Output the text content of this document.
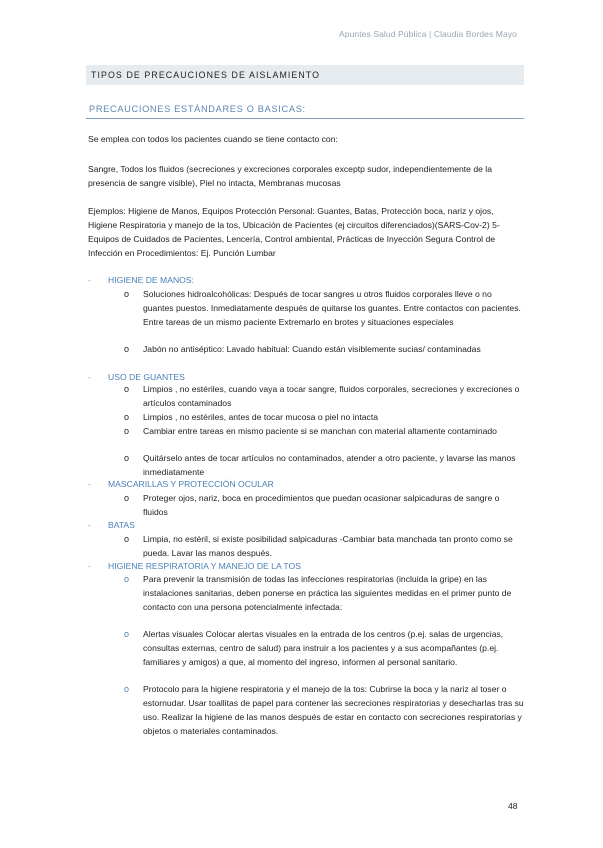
Apuntes Salud Pública | Claudia Bordes Mayo
TIPOS DE PRECAUCIONES DE AISLAMIENTO
PRECAUCIONES ESTÁNDARES O BASICAS:
Se emplea con todos los pacientes cuando se tiene contacto con:
Sangre, Todos los fluidos (secreciones y excreciones corporales exceptp sudor, independientemente de la presencia de sangre visible), Piel no intacta, Membranas mucosas
Ejemplos: Higiene de Manos, Equipos Protección Personal: Guantes, Batas, Protección boca, nariz y ojos, Higiene Respiratoria y manejo de la tos, Ubicación de Pacientes (ej circuitos diferenciados)(SARS-Cov-2) 5- Equipos de Cuidados de Pacientes, Lencería, Control ambiental, Prácticas de Inyección Segura Control de Infección en Procedimientos: Ej. Punción Lumbar
- HIGIENE DE MANOS:
o	Soluciones hidroalcohólicas: Después de tocar sangres u otros fluidos corporales lleve o no guantes puestos. Inmediatamente después de quitarse los guantes. Entre contactos con pacientes. Entre tareas de un mismo paciente Extremarlo en brotes y situaciones especiales
o	Jabón no antiséptico: Lavado habitual: Cuando están visiblemente sucias/ contaminadas
- USO DE GUANTES
o	Limpios , no estériles, cuando vaya a tocar sangre, fluidos corporales, secreciones y excreciones o artículos contaminados
o	Limpios , no estériles, antes de tocar mucosa o piel no intacta
o	Cambiar entre tareas en mismo paciente si se manchan con material altamente contaminado
o	Quitárselo antes de tocar artículos no contaminados, atender a otro paciente, y lavarse las manos inmediatamente
- MASCARILLAS Y PROTECCIÓN OCULAR
o	Proteger ojos, nariz, boca en procedimientos que puedan ocasionar salpicaduras de sangre o fluidos
- BATAS
o	Limpia, no estéril, si existe posibilidad salpicaduras -Cambiar bata manchada tan pronto como se pueda. Lavar las manos después.
- HIGIENE RESPIRATORIA Y MANEJO DE LA TOS
o	Para prevenir la transmisión de todas las infecciones respiratorias (incluida la gripe) en las instalaciones sanitarias, deben ponerse en práctica las siguientes medidas en el primer punto de contacto con una persona potencialmente infectada:
o	Alertas visuales Colocar alertas visuales en la entrada de los centros (p.ej. salas de urgencias, consultas externas, centro de salud) para instruir a los pacientes y a sus acompañantes (p.ej. familiares y amigos) a que, al momento del ingreso, informen al personal sanitario.
o	Protocolo para la higiene respiratoria y el manejo de la tos: Cubrirse la boca y la nariz al toser o estornudar. Usar toallitas de papel para contener las secreciones respiratorias y desecharlas tras su uso. Realizar la higiene de las manos después de estar en contacto con secreciones respiratorias y objetos o materiales contaminados.
48
